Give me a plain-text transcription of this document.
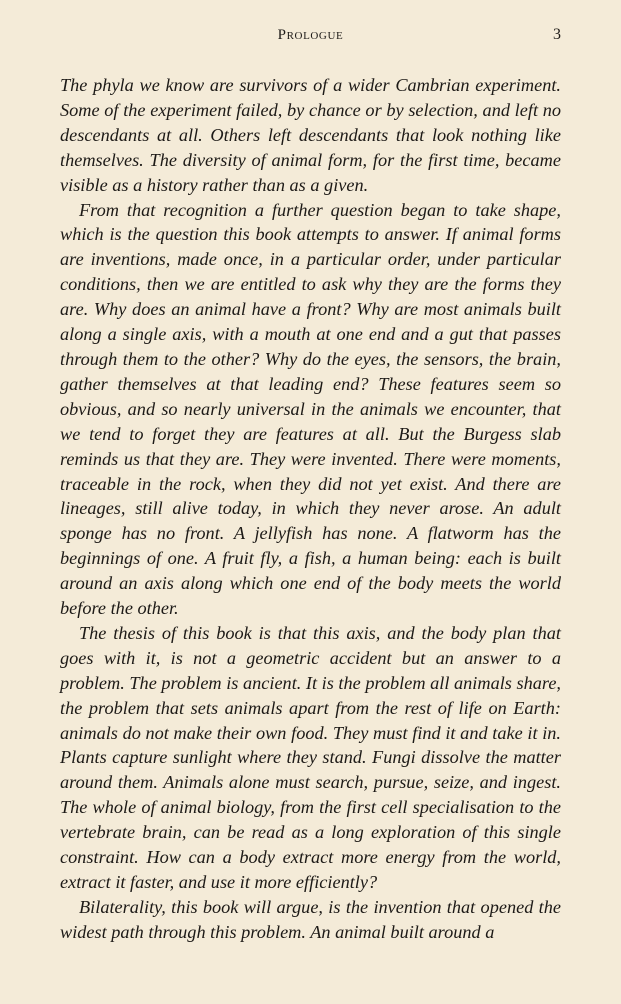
Prologue	3

The phyla we know are survivors of a wider Cambrian experiment. Some of the experiment failed, by chance or by selection, and left no descendants at all. Others left descendants that look nothing like themselves. The diversity of animal form, for the first time, became visible as a history rather than as a given.

From that recognition a further question began to take shape, which is the question this book attempts to answer. If animal forms are inventions, made once, in a particular order, under particular conditions, then we are entitled to ask why they are the forms they are. Why does an animal have a front? Why are most animals built along a single axis, with a mouth at one end and a gut that passes through them to the other? Why do the eyes, the sensors, the brain, gather themselves at that leading end? These features seem so obvious, and so nearly universal in the animals we encounter, that we tend to forget they are features at all. But the Burgess slab reminds us that they are. They were invented. There were moments, traceable in the rock, when they did not yet exist. And there are lineages, still alive today, in which they never arose. An adult sponge has no front. A jellyfish has none. A flatworm has the beginnings of one. A fruit fly, a fish, a human being: each is built around an axis along which one end of the body meets the world before the other.

The thesis of this book is that this axis, and the body plan that goes with it, is not a geometric accident but an answer to a problem. The problem is ancient. It is the problem all animals share, the problem that sets animals apart from the rest of life on Earth: animals do not make their own food. They must find it and take it in. Plants capture sunlight where they stand. Fungi dissolve the matter around them. Animals alone must search, pursue, seize, and ingest. The whole of animal biology, from the first cell specialisation to the vertebrate brain, can be read as a long exploration of this single constraint. How can a body extract more energy from the world, extract it faster, and use it more efficiently?

Bilaterality, this book will argue, is the invention that opened the widest path through this problem. An animal built around a
